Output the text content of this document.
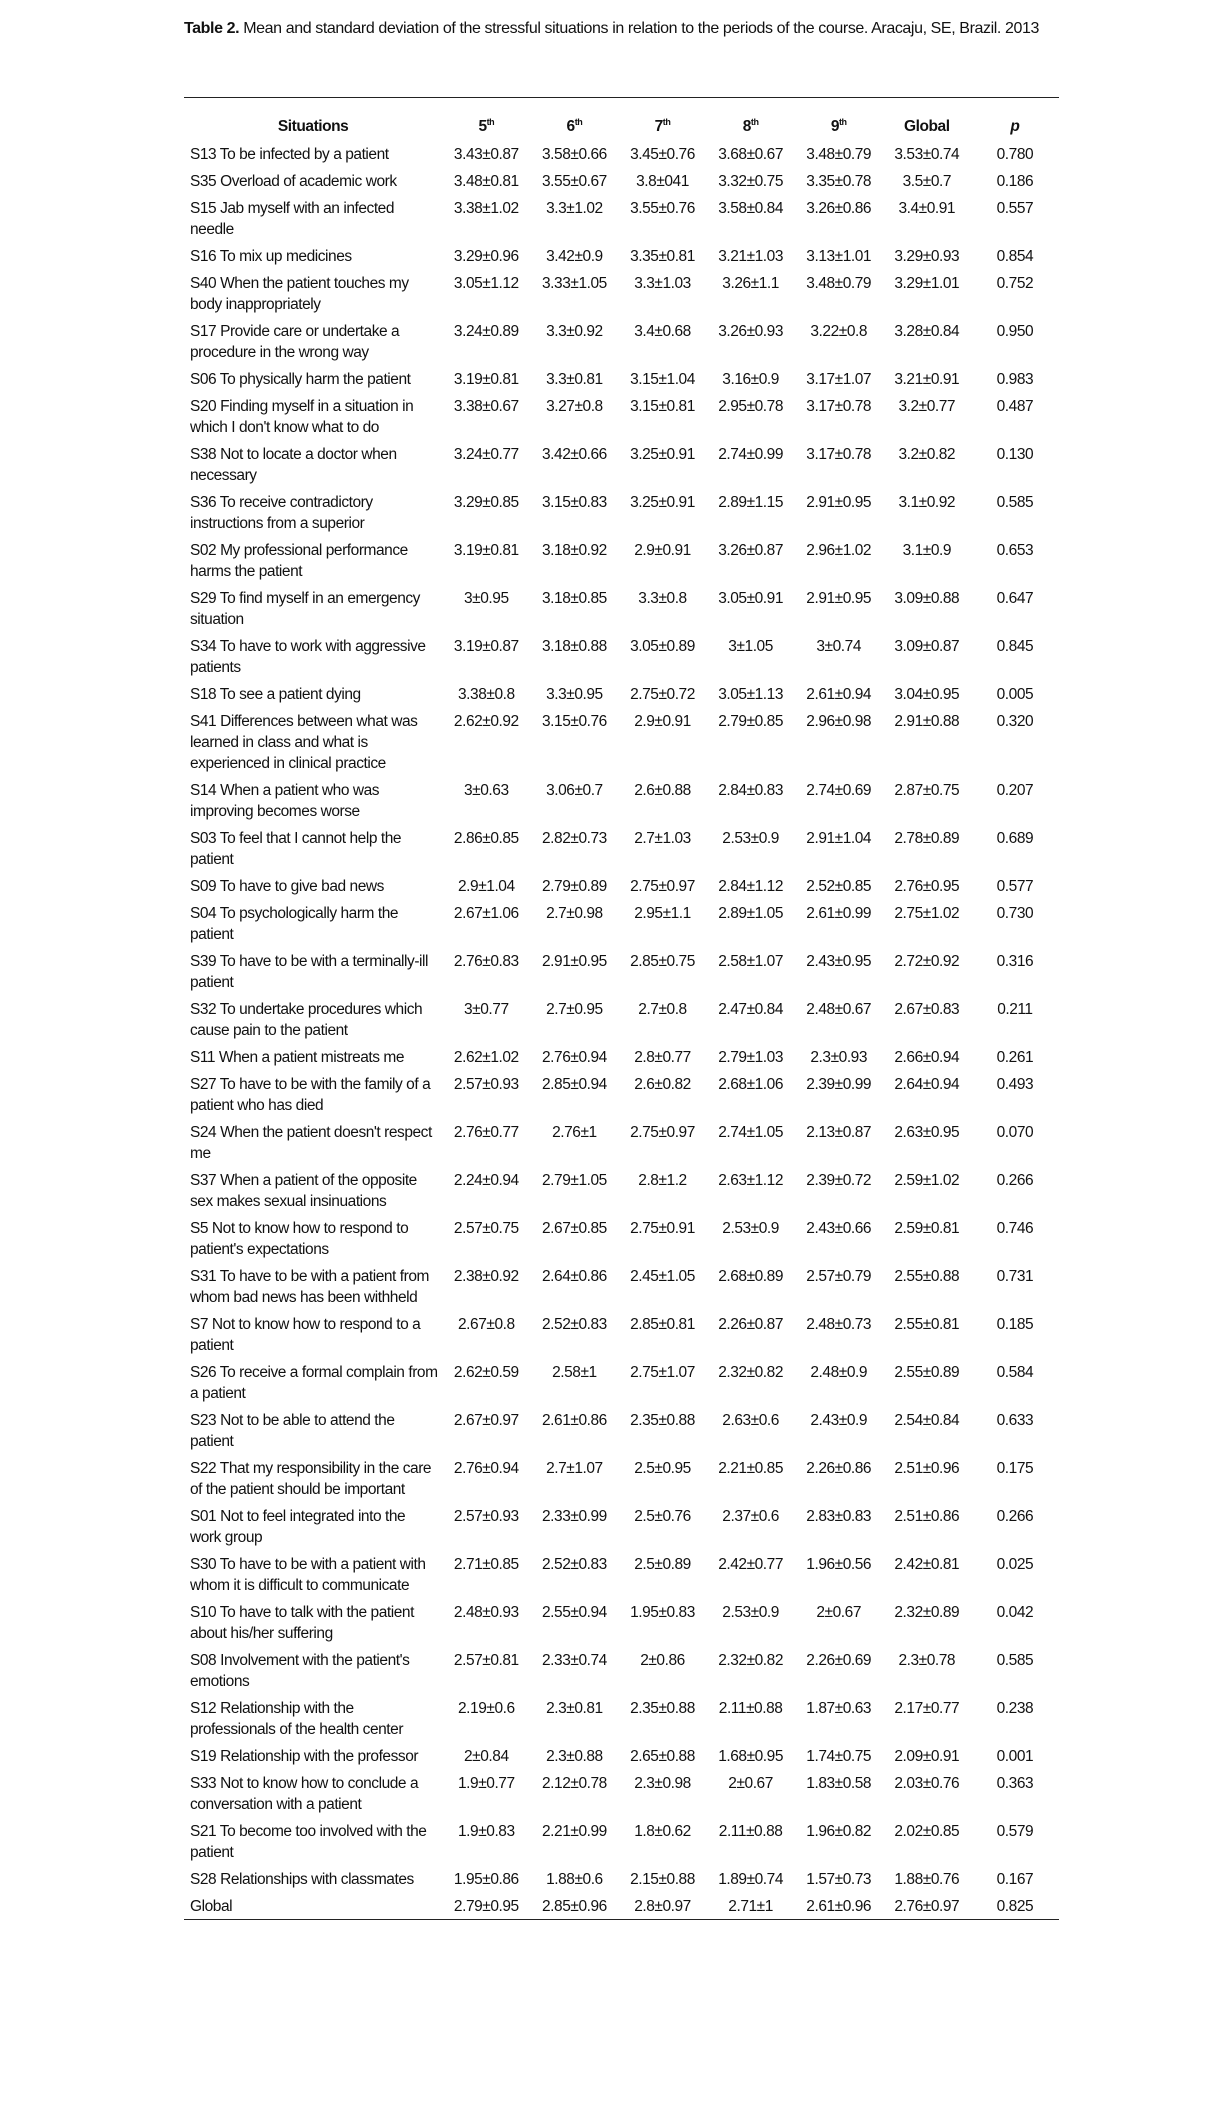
Table 2. Mean and standard deviation of the stressful situations in relation to the periods of the course. Aracaju, SE, Brazil. 2013
Situations	5th	6th	7th	8th	9th	Global	p
S13 To be infected by a patient	3.43±0.87	3.58±0.66	3.45±0.76	3.68±0.67	3.48±0.79	3.53±0.74	0.780
S35 Overload of academic work	3.48±0.81	3.55±0.67	3.8±041	3.32±0.75	3.35±0.78	3.5±0.7	0.186
S15 Jab myself with an infected needle	3.38±1.02	3.3±1.02	3.55±0.76	3.58±0.84	3.26±0.86	3.4±0.91	0.557
S16 To mix up medicines	3.29±0.96	3.42±0.9	3.35±0.81	3.21±1.03	3.13±1.01	3.29±0.93	0.854
S40 When the patient touches my body inappropriately	3.05±1.12	3.33±1.05	3.3±1.03	3.26±1.1	3.48±0.79	3.29±1.01	0.752
S17 Provide care or undertake a procedure in the wrong way	3.24±0.89	3.3±0.92	3.4±0.68	3.26±0.93	3.22±0.8	3.28±0.84	0.950
S06 To physically harm the patient	3.19±0.81	3.3±0.81	3.15±1.04	3.16±0.9	3.17±1.07	3.21±0.91	0.983
S20 Finding myself in a situation in which I don't know what to do	3.38±0.67	3.27±0.8	3.15±0.81	2.95±0.78	3.17±0.78	3.2±0.77	0.487
S38 Not to locate a doctor when necessary	3.24±0.77	3.42±0.66	3.25±0.91	2.74±0.99	3.17±0.78	3.2±0.82	0.130
S36 To receive contradictory instructions from a superior	3.29±0.85	3.15±0.83	3.25±0.91	2.89±1.15	2.91±0.95	3.1±0.92	0.585
S02 My professional performance harms the patient	3.19±0.81	3.18±0.92	2.9±0.91	3.26±0.87	2.96±1.02	3.1±0.9	0.653
S29 To find myself in an emergency situation	3±0.95	3.18±0.85	3.3±0.8	3.05±0.91	2.91±0.95	3.09±0.88	0.647
S34 To have to work with aggressive patients	3.19±0.87	3.18±0.88	3.05±0.89	3±1.05	3±0.74	3.09±0.87	0.845
S18 To see a patient dying	3.38±0.8	3.3±0.95	2.75±0.72	3.05±1.13	2.61±0.94	3.04±0.95	0.005
S41 Differences between what was learned in class and what is experienced in clinical practice	2.62±0.92	3.15±0.76	2.9±0.91	2.79±0.85	2.96±0.98	2.91±0.88	0.320
S14 When a patient who was improving becomes worse	3±0.63	3.06±0.7	2.6±0.88	2.84±0.83	2.74±0.69	2.87±0.75	0.207
S03 To feel that I cannot help the patient	2.86±0.85	2.82±0.73	2.7±1.03	2.53±0.9	2.91±1.04	2.78±0.89	0.689
S09 To have to give bad news	2.9±1.04	2.79±0.89	2.75±0.97	2.84±1.12	2.52±0.85	2.76±0.95	0.577
S04 To psychologically harm the patient	2.67±1.06	2.7±0.98	2.95±1.1	2.89±1.05	2.61±0.99	2.75±1.02	0.730
S39 To have to be with a terminally-ill patient	2.76±0.83	2.91±0.95	2.85±0.75	2.58±1.07	2.43±0.95	2.72±0.92	0.316
S32 To undertake procedures which cause pain to the patient	3±0.77	2.7±0.95	2.7±0.8	2.47±0.84	2.48±0.67	2.67±0.83	0.211
S11 When a patient mistreats me	2.62±1.02	2.76±0.94	2.8±0.77	2.79±1.03	2.3±0.93	2.66±0.94	0.261
S27 To have to be with the family of a patient who has died	2.57±0.93	2.85±0.94	2.6±0.82	2.68±1.06	2.39±0.99	2.64±0.94	0.493
S24 When the patient doesn't respect me	2.76±0.77	2.76±1	2.75±0.97	2.74±1.05	2.13±0.87	2.63±0.95	0.070
S37 When a patient of the opposite sex makes sexual insinuations	2.24±0.94	2.79±1.05	2.8±1.2	2.63±1.12	2.39±0.72	2.59±1.02	0.266
S5 Not to know how to respond to patient's expectations	2.57±0.75	2.67±0.85	2.75±0.91	2.53±0.9	2.43±0.66	2.59±0.81	0.746
S31 To have to be with a patient from whom bad news has been withheld	2.38±0.92	2.64±0.86	2.45±1.05	2.68±0.89	2.57±0.79	2.55±0.88	0.731
S7 Not to know how to respond to a patient	2.67±0.8	2.52±0.83	2.85±0.81	2.26±0.87	2.48±0.73	2.55±0.81	0.185
S26 To receive a formal complain from a patient	2.62±0.59	2.58±1	2.75±1.07	2.32±0.82	2.48±0.9	2.55±0.89	0.584
S23 Not to be able to attend the patient	2.67±0.97	2.61±0.86	2.35±0.88	2.63±0.6	2.43±0.9	2.54±0.84	0.633
S22 That my responsibility in the care of the patient should be important	2.76±0.94	2.7±1.07	2.5±0.95	2.21±0.85	2.26±0.86	2.51±0.96	0.175
S01 Not to feel integrated into the work group	2.57±0.93	2.33±0.99	2.5±0.76	2.37±0.6	2.83±0.83	2.51±0.86	0.266
S30 To have to be with a patient with whom it is difficult to communicate	2.71±0.85	2.52±0.83	2.5±0.89	2.42±0.77	1.96±0.56	2.42±0.81	0.025
S10 To have to talk with the patient about his/her suffering	2.48±0.93	2.55±0.94	1.95±0.83	2.53±0.9	2±0.67	2.32±0.89	0.042
S08 Involvement with the patient's emotions	2.57±0.81	2.33±0.74	2±0.86	2.32±0.82	2.26±0.69	2.3±0.78	0.585
S12 Relationship with the professionals of the health center	2.19±0.6	2.3±0.81	2.35±0.88	2.11±0.88	1.87±0.63	2.17±0.77	0.238
S19 Relationship with the professor	2±0.84	2.3±0.88	2.65±0.88	1.68±0.95	1.74±0.75	2.09±0.91	0.001
S33 Not to know how to conclude a conversation with a patient	1.9±0.77	2.12±0.78	2.3±0.98	2±0.67	1.83±0.58	2.03±0.76	0.363
S21 To become too involved with the patient	1.9±0.83	2.21±0.99	1.8±0.62	2.11±0.88	1.96±0.82	2.02±0.85	0.579
S28 Relationships with classmates	1.95±0.86	1.88±0.6	2.15±0.88	1.89±0.74	1.57±0.73	1.88±0.76	0.167
Global	2.79±0.95	2.85±0.96	2.8±0.97	2.71±1	2.61±0.96	2.76±0.97	0.825
